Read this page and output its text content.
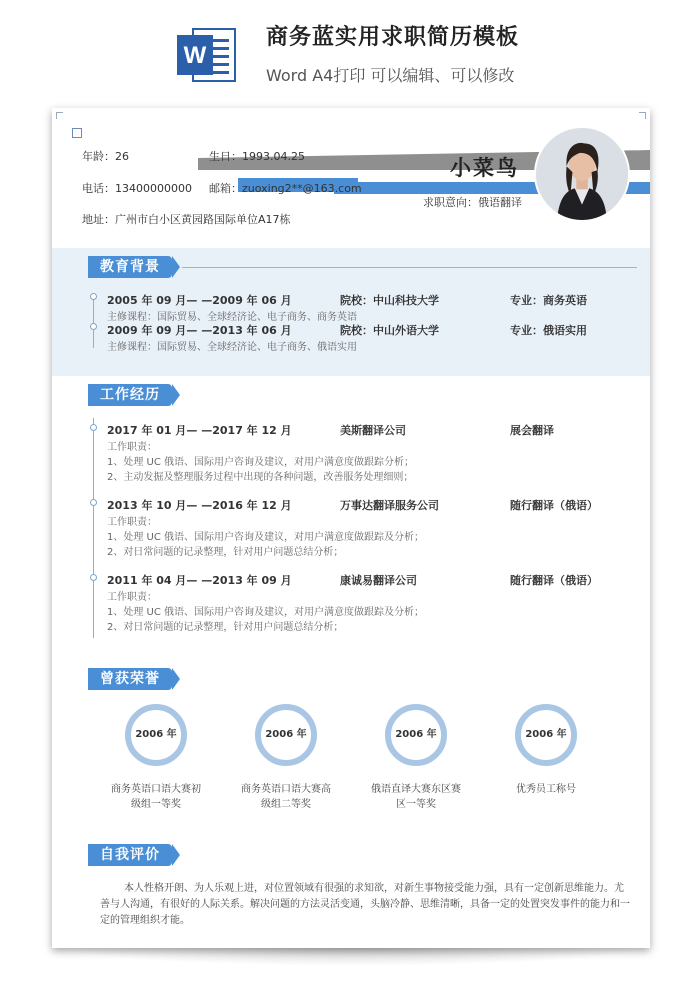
W
商务蓝实用求职简历模板
Word A4打印 可以编辑、可以修改
年龄：26	生日：1993.04.25
电话：13400000000 邮箱：zuoxing2**@163.com
地址：广州市白小区黄园路国际单位A17栋
小菜鸟
求职意向：俄语翻译
教育背景
2005 年 09 月— —2009 年 06 月	院校：中山科技大学	专业：商务英语
主修课程：国际贸易、全球经济论、电子商务、商务英语
2009 年 09 月— —2013 年 06 月	院校：中山外语大学	专业：俄语实用
主修课程：国际贸易、全球经济论、电子商务、俄语实用
工作经历
2017 年 01 月— —2017 年 12 月	美斯翻译公司	展会翻译
工作职责：
1、处理 UC 俄语、国际用户咨询及建议，对用户满意度做跟踪分析；
2、主动发掘及整理服务过程中出现的各种问题，改善服务处理细则；
2013 年 10 月— —2016 年 12 月	万事达翻译服务公司	随行翻译（俄语）
工作职责：
1、处理 UC 俄语、国际用户咨询及建议，对用户满意度做跟踪及分析；
2、对日常问题的记录整理，针对用户问题总结分析；
2011 年 04 月— —2013 年 09 月	康诚易翻译公司	随行翻译（俄语）
工作职责：
1、处理 UC 俄语、国际用户咨询及建议，对用户满意度做跟踪及分析；
2、对日常问题的记录整理，针对用户问题总结分析；
曾获荣誉
2006 年
商务英语口语大赛初级组一等奖
2006 年
商务英语口语大赛高级组二等奖
2006 年
俄语直译大赛东区赛区一等奖
2006 年
优秀员工称号
自我评价
本人性格开朗、为人乐观上进，对位置领域有很强的求知欲，对新生事物接受能力强，具有一定创新思维能力。尤善与人沟通，有很好的人际关系。解决问题的方法灵活变通，头脑冷静、思维清晰，具备一定的处置突发事件的能力和一定的管理组织才能。
